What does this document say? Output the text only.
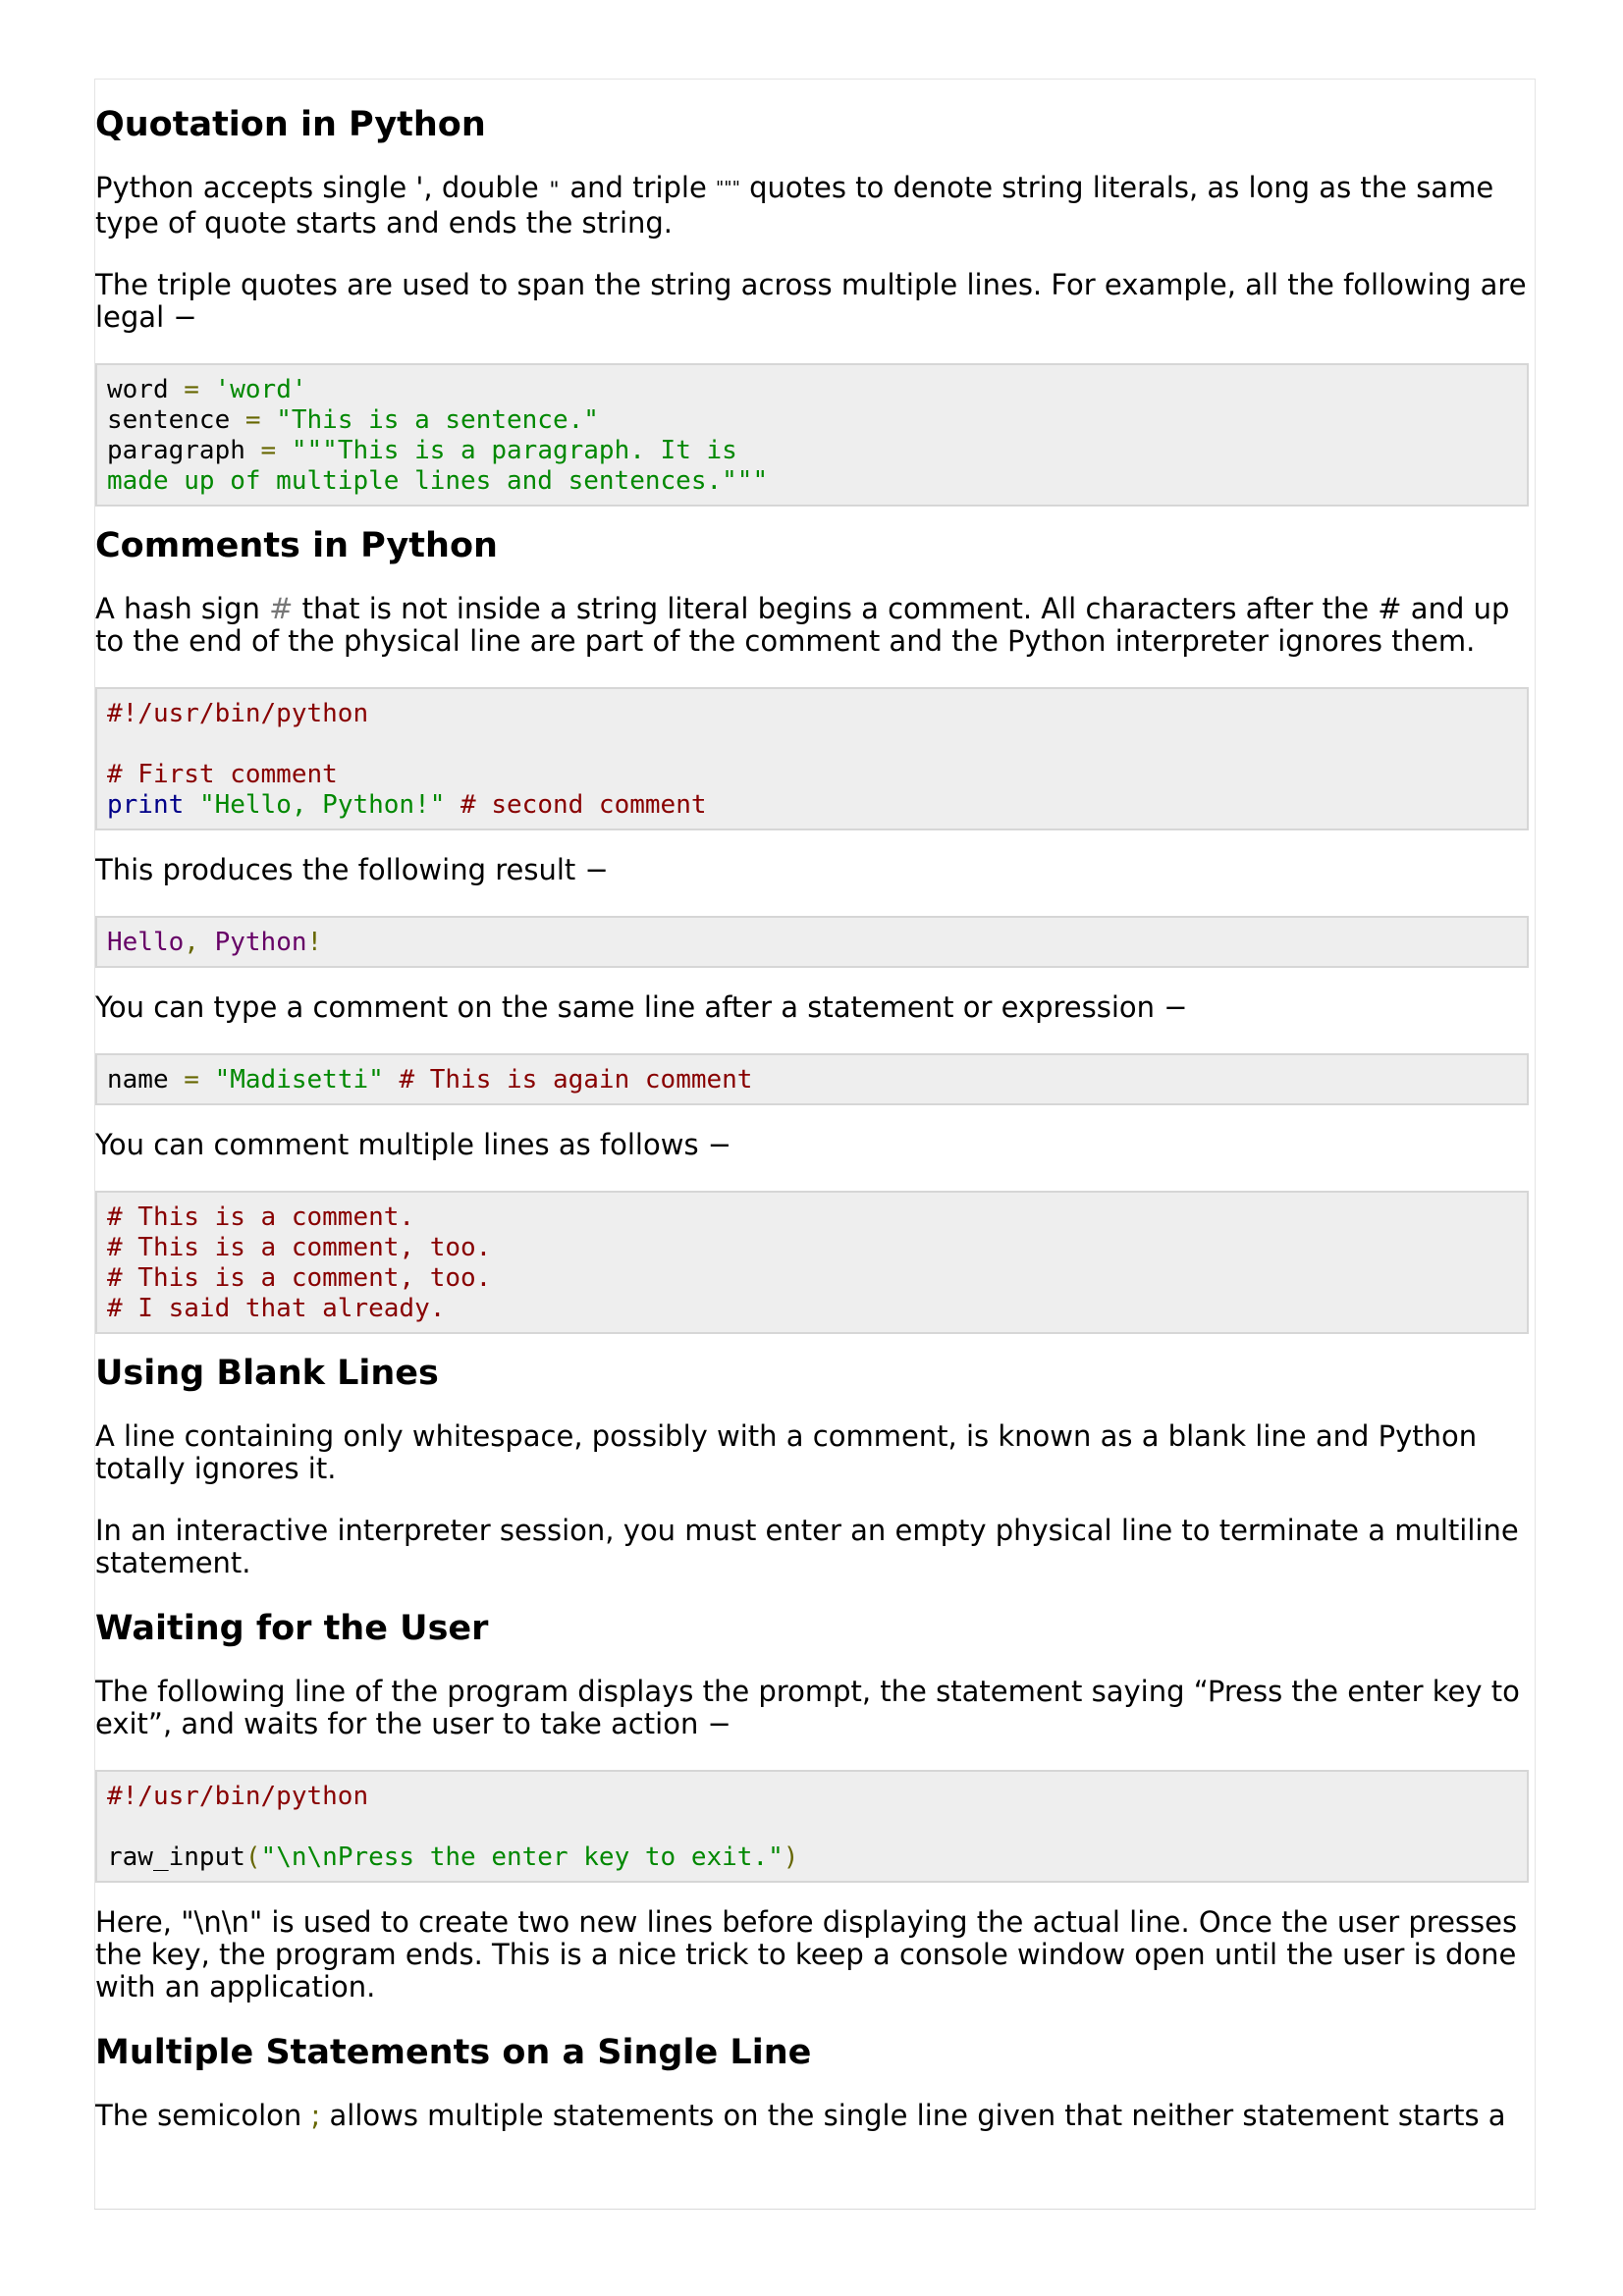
Quotation in Python

Python accepts single ', double " and triple """ quotes to denote string literals, as long as the same type of quote starts and ends the string.

The triple quotes are used to span the string across multiple lines. For example, all the following are legal −

word = 'word'
sentence = "This is a sentence."
paragraph = """This is a paragraph. It is
made up of multiple lines and sentences."""
Comments in Python

A hash sign # that is not inside a string literal begins a comment. All characters after the # and up to the end of the physical line are part of the comment and the Python interpreter ignores them.

#!/usr/bin/python
# First comment
print "Hello, Python!" # second comment

This produces the following result −

Hello, Python!

You can type a comment on the same line after a statement or expression −

name = "Madisetti" # This is again comment

You can comment multiple lines as follows −

# This is a comment.
# This is a comment, too.
# This is a comment, too.
# I said that already.
Using Blank Lines

A line containing only whitespace, possibly with a comment, is known as a blank line and Python totally ignores it.

In an interactive interpreter session, you must enter an empty physical line to terminate a multiline statement.

Waiting for the User

The following line of the program displays the prompt, the statement saying “Press the enter key to exit”, and waits for the user to take action −

#!/usr/bin/python
raw_input("\n\nPress the enter key to exit.")

Here, "\n\n" is used to create two new lines before displaying the actual line. Once the user presses the key, the program ends. This is a nice trick to keep a console window open until the user is done with an application.

Multiple Statements on a Single Line

The semicolon ; allows multiple statements on the single line given that neither statement starts a
